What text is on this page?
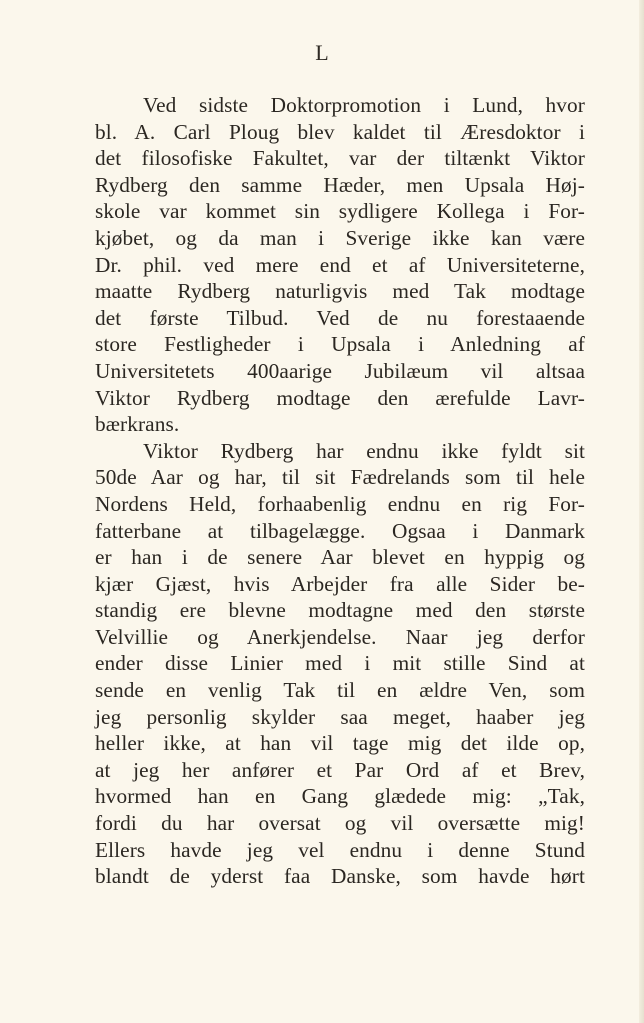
L
Ved sidste Doktorpromotion i Lund, hvor
bl. A. Carl Ploug blev kaldet til Æresdoktor i
det filosofiske Fakultet, var der tiltænkt Viktor
Rydberg den samme Hæder, men Upsala Høj-
skole var kommet sin sydligere Kollega i For-
kjøbet, og da man i Sverige ikke kan være
Dr. phil. ved mere end et af Universiteterne,
maatte Rydberg naturligvis med Tak modtage
det første Tilbud. Ved de nu forestaaende
store Festligheder i Upsala i Anledning af
Universitetets 400aarige Jubilæum vil altsaa
Viktor Rydberg modtage den ærefulde Lavr-
bærkrans.
Viktor Rydberg har endnu ikke fyldt sit
50de Aar og har, til sit Fædrelands som til hele
Nordens Held, forhaabenlig endnu en rig For-
fatterbane at tilbagelægge. Ogsaa i Danmark
er han i de senere Aar blevet en hyppig og
kjær Gjæst, hvis Arbejder fra alle Sider be-
standig ere blevne modtagne med den største
Velvillie og Anerkjendelse. Naar jeg derfor
ender disse Linier med i mit stille Sind at
sende en venlig Tak til en ældre Ven, som
jeg personlig skylder saa meget, haaber jeg
heller ikke, at han vil tage mig det ilde op,
at jeg her anfører et Par Ord af et Brev,
hvormed han en Gang glædede mig: „Tak,
fordi du har oversat og vil oversætte mig!
Ellers havde jeg vel endnu i denne Stund
blandt de yderst faa Danske, som havde hørt
